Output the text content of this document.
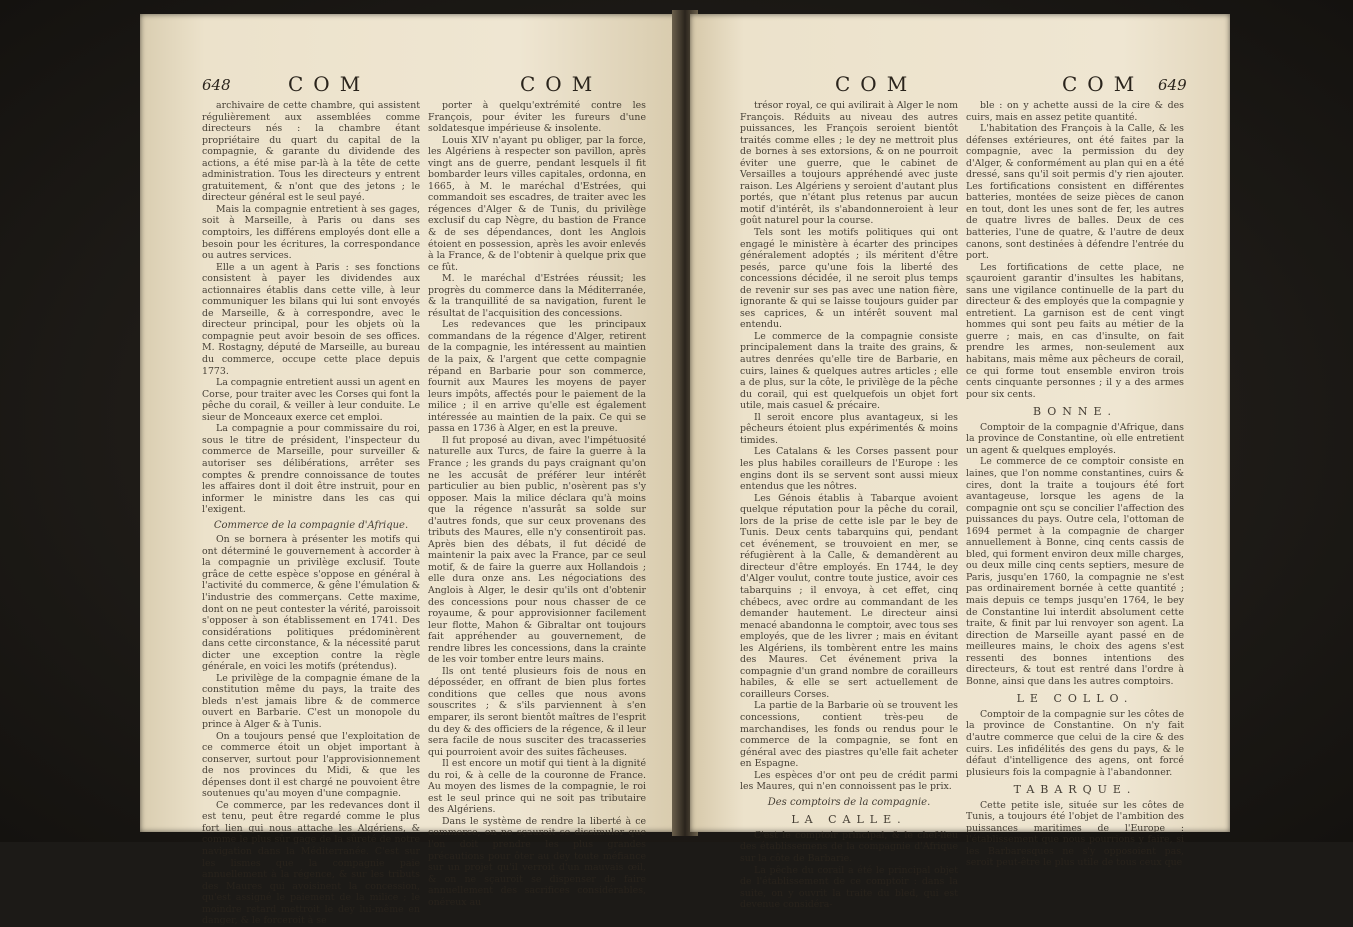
648	COM	COM

archivaire de cette chambre, qui assistent régulièrement aux assemblées comme directeurs nés : la chambre étant propriétaire du quart du capital de la compagnie, & garante du dividende des actions, a été mise par-là à la tête de cette administration. Tous les directeurs y entrent gratuitement, & n'ont que des jetons ; le directeur général est le seul payé.

Mais la compagnie entretient à ses gages, soit à Marseille, à Paris ou dans ses comptoirs, les différens employés dont elle a besoin pour les écritures, la correspondance ou autres services.

Elle a un agent à Paris : ses fonctions consistent à payer les dividendes aux actionnaires établis dans cette ville, à leur communiquer les bilans qui lui sont envoyés de Marseille, & à correspondre, avec le directeur principal, pour les objets où la compagnie peut avoir besoin de ses offices. M. Rostagny, député de Marseille, au bureau du commerce, occupe cette place depuis 1773.

La compagnie entretient aussi un agent en Corse, pour traiter avec les Corses qui font la pêche du corail, & veiller à leur conduite. Le sieur de Monceaux exerce cet emploi.

La compagnie a pour commissaire du roi, sous le titre de président, l'inspecteur du commerce de Marseille, pour surveiller & autoriser ses délibérations, arrêter ses comptes & prendre connoissance de toutes les affaires dont il doit être instruit, pour en informer le ministre dans les cas qui l'exigent.

Commerce de la compagnie d'Afrique.

On se bornera à présenter les motifs qui ont déterminé le gouvernement à accorder à la compagnie un privilège exclusif. Toute grâce de cette espèce s'oppose en général à l'activité du commerce, & gêne l'émulation & l'industrie des commerçans. Cette maxime, dont on ne peut contester la vérité, paroissoit s'opposer à son établissement en 1741. Des considérations politiques prédominèrent dans cette circonstance, & la nécessité parut dicter une exception contre la règle générale, en voici les motifs (prétendus).

Le privilège de la compagnie émane de la constitution même du pays, la traite des bleds n'est jamais libre & de commerce ouvert en Barbarie. C'est un monopole du prince à Alger & à Tunis.

On a toujours pensé que l'exploitation de ce commerce étoit un objet important à conserver, surtout pour l'approvisionnement de nos provinces du Midi, & que les dépenses dont il est chargé ne pouvoient être soutenues qu'au moyen d'une compagnie.

Ce commerce, par les redevances dont il est tenu, peut être regardé comme le plus fort lien qui nous attache les Algériens, & comme le plus sûr gage de la sûreté de notre navigation dans la Méditerranée. C'est sur les lismes que la compagnie paie annuellement à la régence, & sur les tributs des Maures qui avoisinent la concession, qu'est assigné le paiement de la milice ; le moindre retard mettroit le dey lui-même en danger, & le forceroit à se

porter à quelqu'extrémité contre les François, pour éviter les fureurs d'une soldatesque impérieuse & insolente.

Louis XIV n'ayant pu obliger, par la force, les Algériens à respecter son pavillon, après vingt ans de guerre, pendant lesquels il fit bombarder leurs villes capitales, ordonna, en 1665, à M. le maréchal d'Estrées, qui commandoit ses escadres, de traiter avec les régences d'Alger & de Tunis, du privilège exclusif du cap Nègre, du bastion de France & de ses dépendances, dont les Anglois étoient en possession, après les avoir enlevés à la France, & de l'obtenir à quelque prix que ce fût.

M. le maréchal d'Estrées réussit; les progrès du commerce dans la Méditerranée, & la tranquillité de sa navigation, furent le résultat de l'acquisition des concessions.

Les redevances que les principaux commandans de la régence d'Alger, retirent de la compagnie, les intéressent au maintien de la paix, & l'argent que cette compagnie répand en Barbarie pour son commerce, fournit aux Maures les moyens de payer leurs impôts, affectés pour le paiement de la milice ; il en arrive qu'elle est également intéressée au maintien de la paix. Ce qui se passa en 1736 à Alger, en est la preuve.

Il fut proposé au divan, avec l'impétuosité naturelle aux Turcs, de faire la guerre à la France ; les grands du pays craignant qu'on ne les accusât de préférer leur intérêt particulier au bien public, n'osèrent pas s'y opposer. Mais la milice déclara qu'à moins que la régence n'assurât sa solde sur d'autres fonds, que sur ceux provenans des tributs des Maures, elle n'y consentiroit pas. Après bien des débats, il fut décidé de maintenir la paix avec la France, par ce seul motif, & de faire la guerre aux Hollandois ; elle dura onze ans. Les négociations des Anglois à Alger, le desir qu'ils ont d'obtenir des concessions pour nous chasser de ce royaume, & pour approvisionner facilement leur flotte, Mahon & Gibraltar ont toujours fait appréhender au gouvernement, de rendre libres les concessions, dans la crainte de les voir tomber entre leurs mains.

Ils ont tenté plusieurs fois de nous en déposséder, en offrant de bien plus fortes conditions que celles que nous avons souscrites ; & s'ils parviennent à s'en emparer, ils seront bientôt maîtres de l'esprit du dey & des officiers de la régence, & il leur sera facile de nous susciter des tracasseries qui pourroient avoir des suites fâcheuses.

Il est encore un motif qui tient à la dignité du roi, & à celle de la couronne de France. Au moyen des lismes de la compagnie, le roi est le seul prince qui ne soit pas tributaire des Algériens.

Dans le système de rendre la liberté à ce commerce, on ne sçauroit se dissimuler que l'on doit prendre les plus grandes précautions pour ôter au dey toute méfiance sur un projet qu'il verroit d'un mauvais œil, & on ne sçauroit se dispenser de faire annuellement des sacrifices considérables, onéreux au

COM	COM 649

trésor royal, ce qui avilirait à Alger le nom François. Réduits au niveau des autres puissances, les François seroient bientôt traités comme elles ; le dey ne mettroit plus de bornes à ses extorsions, & on ne pourroit éviter une guerre, que le cabinet de Versailles a toujours appréhendé avec juste raison. Les Algériens y seroient d'autant plus portés, que n'étant plus retenus par aucun motif d'intérêt, ils s'abandonneroient à leur goût naturel pour la course.

Tels sont les motifs politiques qui ont engagé le ministère à écarter des principes généralement adoptés ; ils méritent d'être pesés, parce qu'une fois la liberté des concessions décidée, il ne seroit plus temps de revenir sur ses pas avec une nation fière, ignorante & qui se laisse toujours guider par ses caprices, & un intérêt souvent mal entendu.

Le commerce de la compagnie consiste principalement dans la traite des grains, & autres denrées qu'elle tire de Barbarie, en cuirs, laines & quelques autres articles ; elle a de plus, sur la côte, le privilège de la pêche du corail, qui est quelquefois un objet fort utile, mais casuel & précaire.

Il seroit encore plus avantageux, si les pêcheurs étoient plus expérimentés & moins timides.

Les Catalans & les Corses passent pour les plus habiles corailleurs de l'Europe : les engins dont ils se servent sont aussi mieux entendus que les nôtres.

Les Génois établis à Tabarque avoient quelque réputation pour la pêche du corail, lors de la prise de cette isle par le bey de Tunis. Deux cents tabarquins qui, pendant cet événement, se trouvoient en mer, se réfugièrent à la Calle, & demandèrent au directeur d'être employés. En 1744, le dey d'Alger voulut, contre toute justice, avoir ces tabarquins ; il envoya, à cet effet, cinq chébecs, avec ordre au commandant de les demander hautement. Le directeur ainsi menacé abandonna le comptoir, avec tous ses employés, que de les livrer ; mais en évitant les Algériens, ils tombèrent entre les mains des Maures. Cet événement priva la compagnie d'un grand nombre de corailleurs habiles, & elle se sert actuellement de corailleurs Corses.

La partie de la Barbarie où se trouvent les concessions, contient très-peu de marchandises, les fonds ou rendus pour le commerce de la compagnie, se font en général avec des piastres qu'elle fait acheter en Espagne.

Les espèces d'or ont peu de crédit parmi les Maures, qui n'en connoissent pas le prix.

Des comptoirs de la compagnie.
LA CALLE.

C'est le comptoir principal, & le chef-lieu des établissemens de la compagnie d'Afrique sur la côte de Barbarie.

La pêche du corail a été le principal objet de l'établissement de ce comptoir : dans la suite, on y ouvrit la traite du bled, qui est devenue considéra-

ble : on y achette aussi de la cire & des cuirs, mais en assez petite quantité.

L'habitation des François à la Calle, & les défenses extérieures, ont été faites par la compagnie, avec la permission du dey d'Alger, & conformément au plan qui en a été dressé, sans qu'il soit permis d'y rien ajouter. Les fortifications consistent en différentes batteries, montées de seize pièces de canon en tout, dont les unes sont de fer, les autres de quatre livres de balles. Deux de ces batteries, l'une de quatre, & l'autre de deux canons, sont destinées à défendre l'entrée du port.

Les fortifications de cette place, ne sçauroient garantir d'insultes les habitans, sans une vigilance continuelle de la part du directeur & des employés que la compagnie y entretient. La garnison est de cent vingt hommes qui sont peu faits au métier de la guerre ; mais, en cas d'insulte, on fait prendre les armes, non-seulement aux habitans, mais même aux pêcheurs de corail, ce qui forme tout ensemble environ trois cents cinquante personnes ; il y a des armes pour six cents.

BONNE.

Comptoir de la compagnie d'Afrique, dans la province de Constantine, où elle entretient un agent & quelques employés.

Le commerce de ce comptoir consiste en laines, que l'on nomme constantines, cuirs & cires, dont la traite a toujours été fort avantageuse, lorsque les agens de la compagnie ont sçu se concilier l'affection des puissances du pays. Outre cela, l'ottoman de 1694 permet à la compagnie de charger annuellement à Bonne, cinq cents cassis de bled, qui forment environ deux mille charges, ou deux mille cinq cents septiers, mesure de Paris, jusqu'en 1760, la compagnie ne s'est pas ordinairement bornée à cette quantité ; mais depuis ce temps jusqu'en 1764, le bey de Constantine lui interdit absolument cette traite, & finit par lui renvoyer son agent. La direction de Marseille ayant passé en de meilleures mains, le choix des agens s'est ressenti des bonnes intentions des directeurs, & tout est rentré dans l'ordre à Bonne, ainsi que dans les autres comptoirs.

LE COLLO.

Comptoir de la compagnie sur les côtes de la province de Constantine. On n'y fait d'autre commerce que celui de la cire & des cuirs. Les infidélités des gens du pays, & le défaut d'intelligence des agens, ont forcé plusieurs fois la compagnie à l'abandonner.

TABARQUE.

Cette petite isle, située sur les côtes de Tunis, a toujours été l'objet de l'ambition des puissances maritimes de l'Europe : l'établissement que nous pourrions y faire, si les Barbaresques ne s'y opposoient pas, seroit peut-être le plus utile de tous ceux que
